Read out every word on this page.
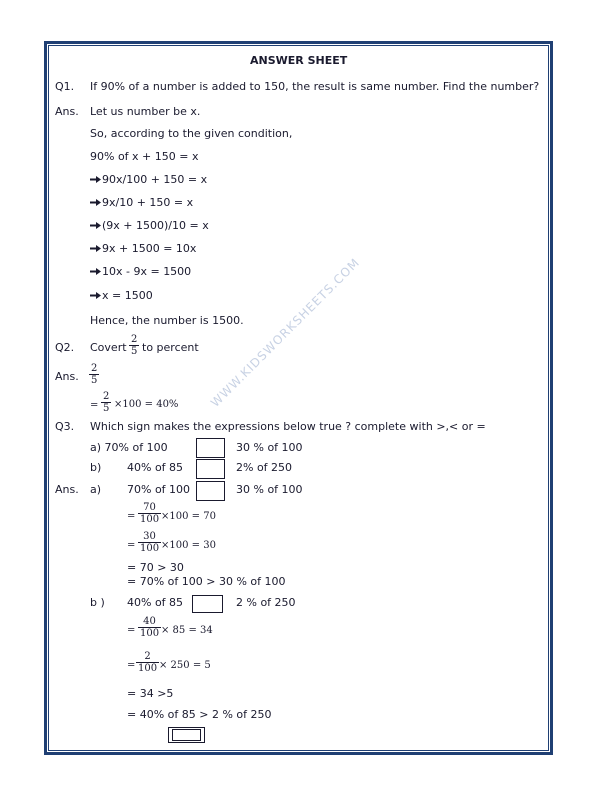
WWW.KIDSWORKSHEETS.COM
ANSWER SHEET
Q1. If 90% of a number is added to 150, the result is same number. Find the number?
Ans. Let us number be x.
So, according to the given condition,
90% of x + 150 = x
90x/100 + 150 = x
9x/10 + 150 = x
(9x + 1500)/10 = x
9x + 1500 = 10x
10x - 9x = 1500
x = 1500
Hence, the number is 1500.
Q2. Covert $\frac{2}{5}$ to percent
Ans. $\frac{2}{5}$
= $\frac{2}{5} \times 100 = 40\%$
Q3. Which sign makes the expressions below true ? complete with >,< or =
a) 70% of 100	30 % of 100
b) 40% of 85	2% of 250
Ans. a) 70% of 100	30 % of 100
= $\frac{70}{100} \times 100 = 70$
= $\frac{30}{100} \times 100 = 30$
= 70 > 30
= 70% of 100 > 30 % of 100
b ) 40% of 85	2 % of 250
= $\frac{40}{100} \times 85 = 34$
= $\frac{2}{100} \times 250 = 5$
= 34 >5
= 40% of 85 > 2 % of 250
